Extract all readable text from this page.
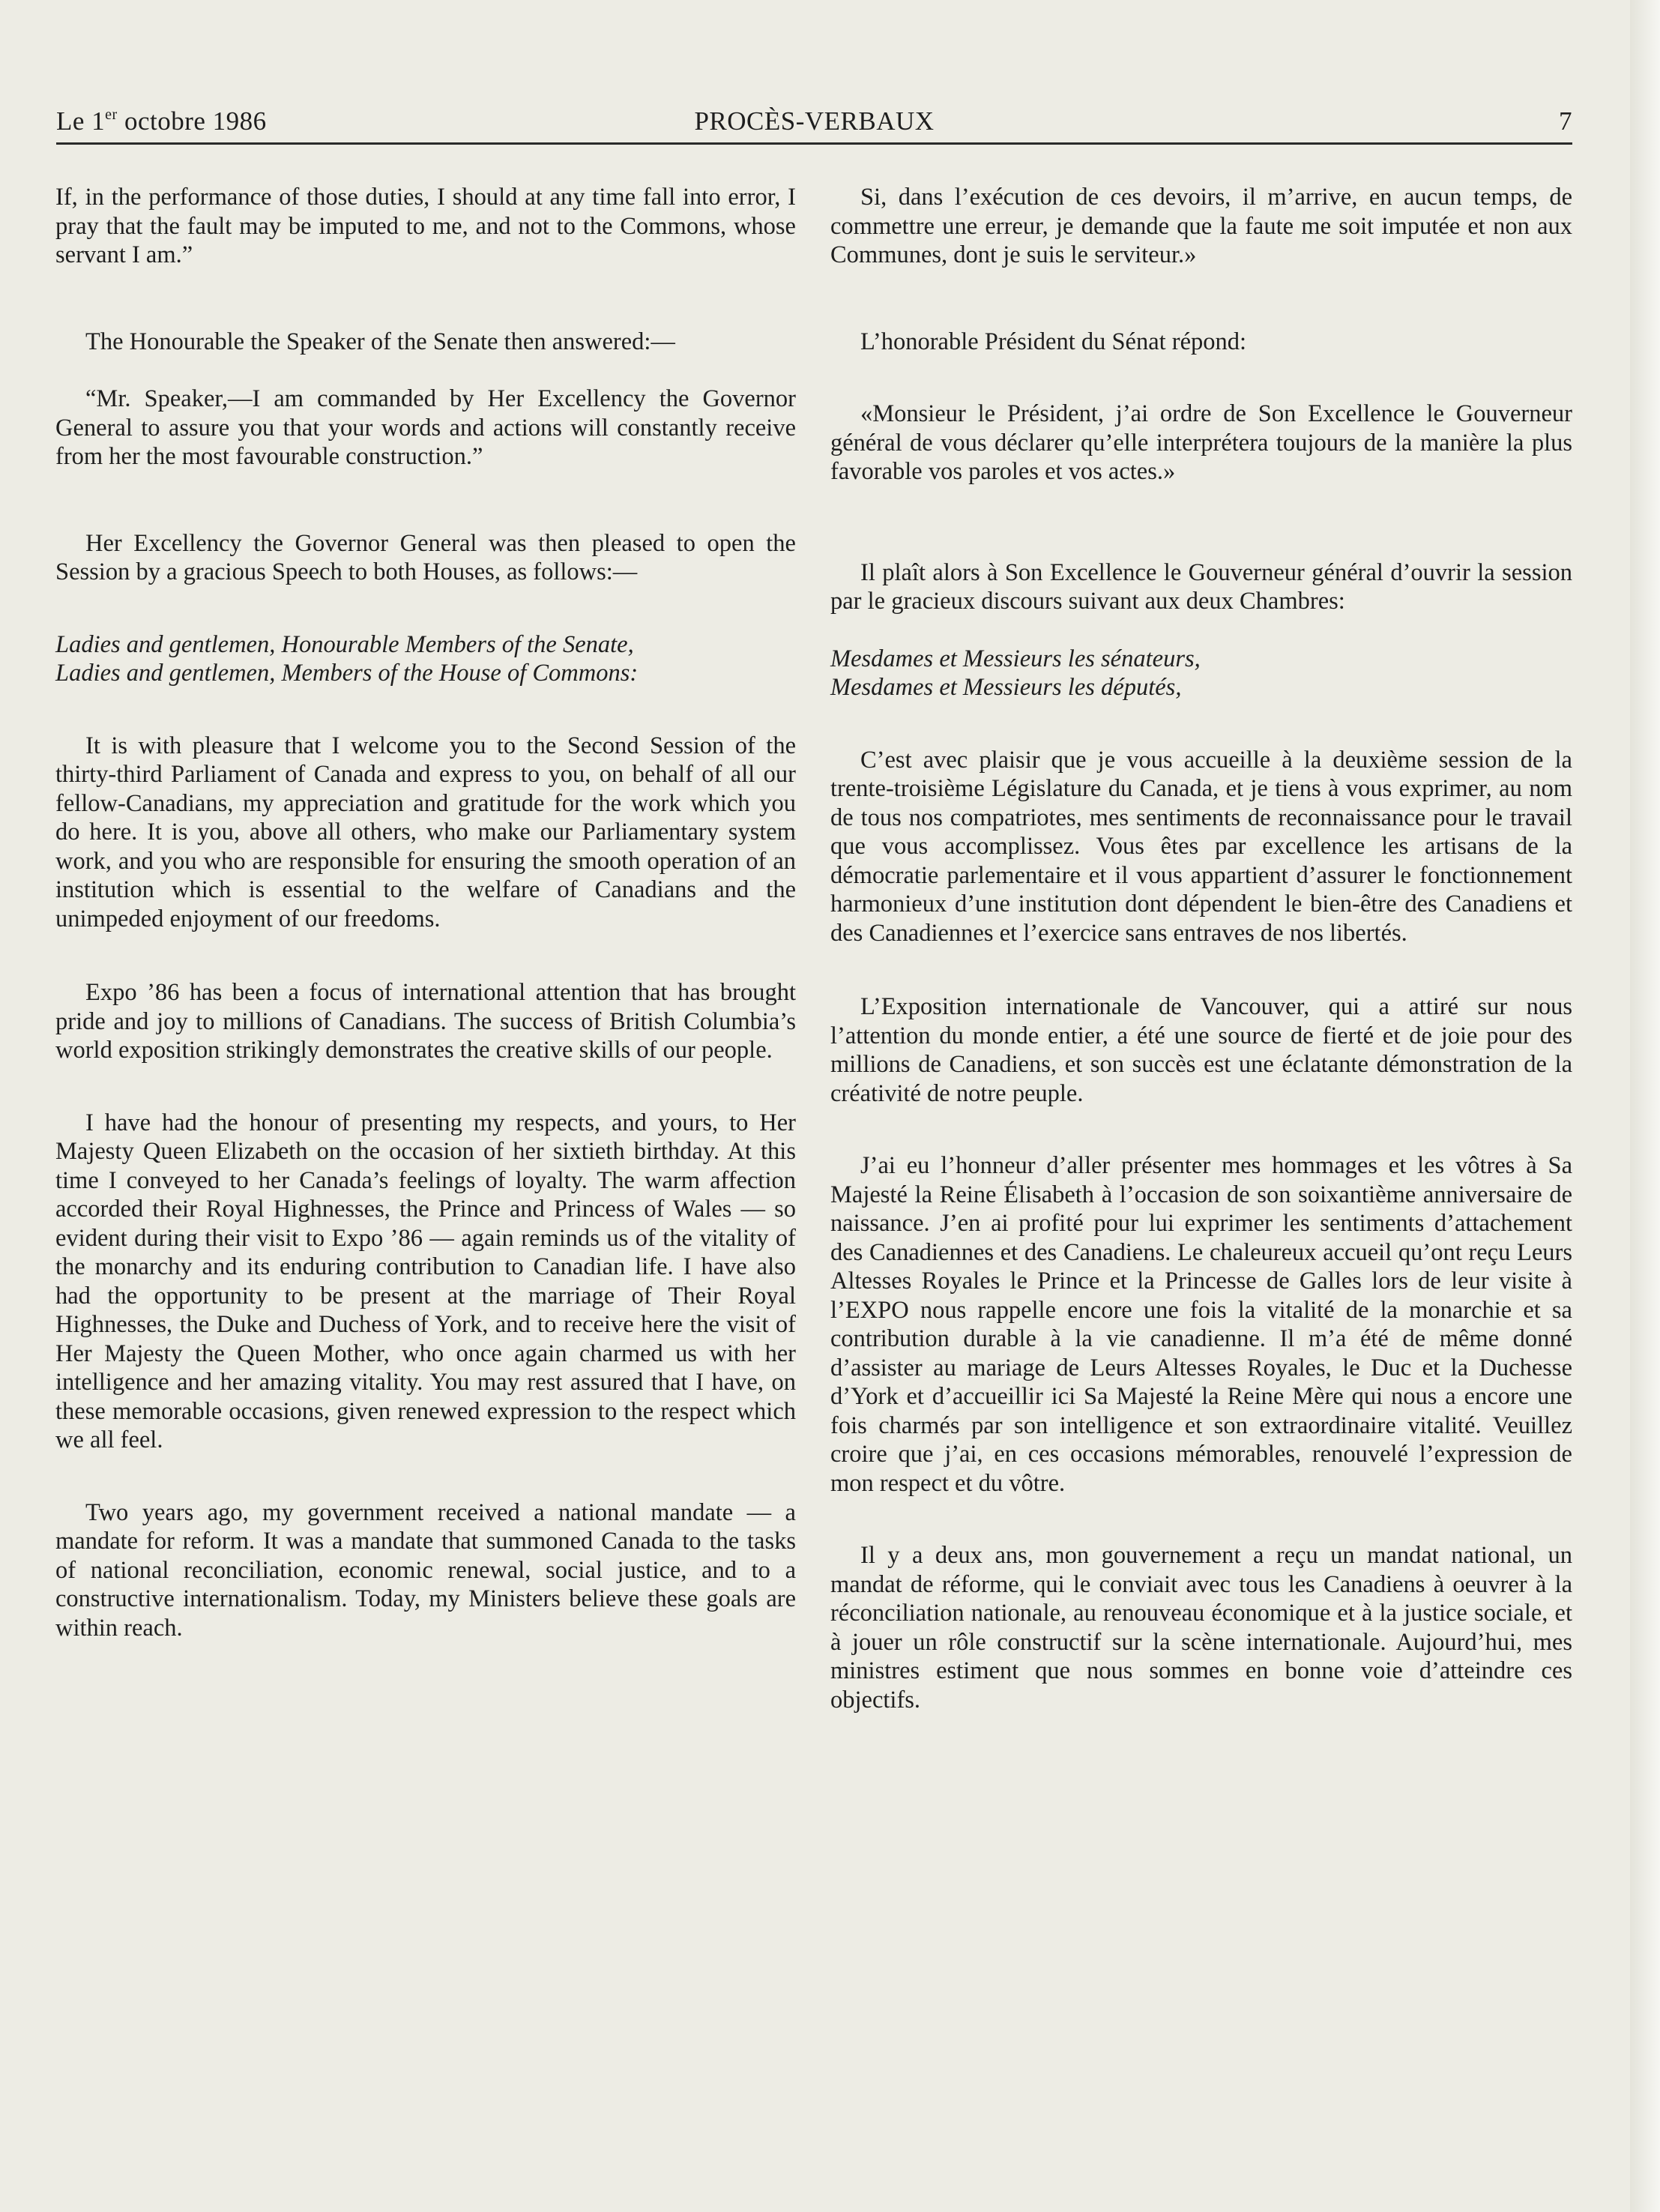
Le 1er octobre 1986	PROCÈS-VERBAUX	7

If, in the performance of those duties, I should at any time fall into error, I pray that the fault may be imputed to me, and not to the Commons, whose servant I am.”

The Honourable the Speaker of the Senate then answered:—

“Mr. Speaker,—I am commanded by Her Excellency the Governor General to assure you that your words and actions will constantly receive from her the most favourable construction.”

Her Excellency the Governor General was then pleased to open the Session by a gracious Speech to both Houses, as follows:—

Ladies and gentlemen, Honourable Members of the Senate,

Ladies and gentlemen, Members of the House of Commons:

It is with pleasure that I welcome you to the Second Session of the thirty-third Parliament of Canada and express to you, on behalf of all our fellow-Canadians, my appreciation and gratitude for the work which you do here. It is you, above all others, who make our Parliamentary system work, and you who are responsible for ensuring the smooth operation of an institution which is essential to the welfare of Canadians and the unimpeded enjoyment of our freedoms.

Expo ’86 has been a focus of international attention that has brought pride and joy to millions of Canadians. The success of British Columbia’s world exposition strikingly demonstrates the creative skills of our people.

I have had the honour of presenting my respects, and yours, to Her Majesty Queen Elizabeth on the occasion of her sixtieth birthday. At this time I conveyed to her Canada’s feelings of loyalty. The warm affection accorded their Royal Highnesses, the Prince and Princess of Wales — so evident during their visit to Expo ’86 — again reminds us of the vitality of the monarchy and its enduring contribution to Canadian life. I have also had the opportunity to be present at the marriage of Their Royal Highnesses, the Duke and Duchess of York, and to receive here the visit of Her Majesty the Queen Mother, who once again charmed us with her intelligence and her amazing vitality. You may rest assured that I have, on these memorable occasions, given renewed expression to the respect which we all feel.

Two years ago, my government received a national mandate — a mandate for reform. It was a mandate that summoned Canada to the tasks of national reconciliation, economic renewal, social justice, and to a constructive internationalism. Today, my Ministers believe these goals are within reach.

Si, dans l’exécution de ces devoirs, il m’arrive, en aucun temps, de commettre une erreur, je demande que la faute me soit imputée et non aux Communes, dont je suis le serviteur.»

L’honorable Président du Sénat répond:

«Monsieur le Président, j’ai ordre de Son Excellence le Gouverneur général de vous déclarer qu’elle interprétera toujours de la manière la plus favorable vos paroles et vos actes.»

Il plaît alors à Son Excellence le Gouverneur général d’ouvrir la session par le gracieux discours suivant aux deux Chambres:

Mesdames et Messieurs les sénateurs,

Mesdames et Messieurs les députés,

C’est avec plaisir que je vous accueille à la deuxième session de la trente-troisième Législature du Canada, et je tiens à vous exprimer, au nom de tous nos compatriotes, mes sentiments de reconnaissance pour le travail que vous accomplissez. Vous êtes par excellence les artisans de la démocratie parlementaire et il vous appartient d’assurer le fonctionnement harmonieux d’une institution dont dépendent le bien-être des Canadiens et des Canadiennes et l’exercice sans entraves de nos libertés.

L’Exposition internationale de Vancouver, qui a attiré sur nous l’attention du monde entier, a été une source de fierté et de joie pour des millions de Canadiens, et son succès est une éclatante démonstration de la créativité de notre peuple.

J’ai eu l’honneur d’aller présenter mes hommages et les vôtres à Sa Majesté la Reine Élisabeth à l’occasion de son soixantième anniversaire de naissance. J’en ai profité pour lui exprimer les sentiments d’attachement des Canadiennes et des Canadiens. Le chaleureux accueil qu’ont reçu Leurs Altesses Royales le Prince et la Princesse de Galles lors de leur visite à l’EXPO nous rappelle encore une fois la vitalité de la monarchie et sa contribution durable à la vie canadienne. Il m’a été de même donné d’assister au mariage de Leurs Altesses Royales, le Duc et la Duchesse d’York et d’accueillir ici Sa Majesté la Reine Mère qui nous a encore une fois charmés par son intelligence et son extraordinaire vitalité. Veuillez croire que j’ai, en ces occasions mémorables, renouvelé l’expression de mon respect et du vôtre.

Il y a deux ans, mon gouvernement a reçu un mandat national, un mandat de réforme, qui le conviait avec tous les Canadiens à oeuvrer à la réconciliation nationale, au renouveau économique et à la justice sociale, et à jouer un rôle constructif sur la scène internationale. Aujourd’hui, mes ministres estiment que nous sommes en bonne voie d’atteindre ces objectifs.
